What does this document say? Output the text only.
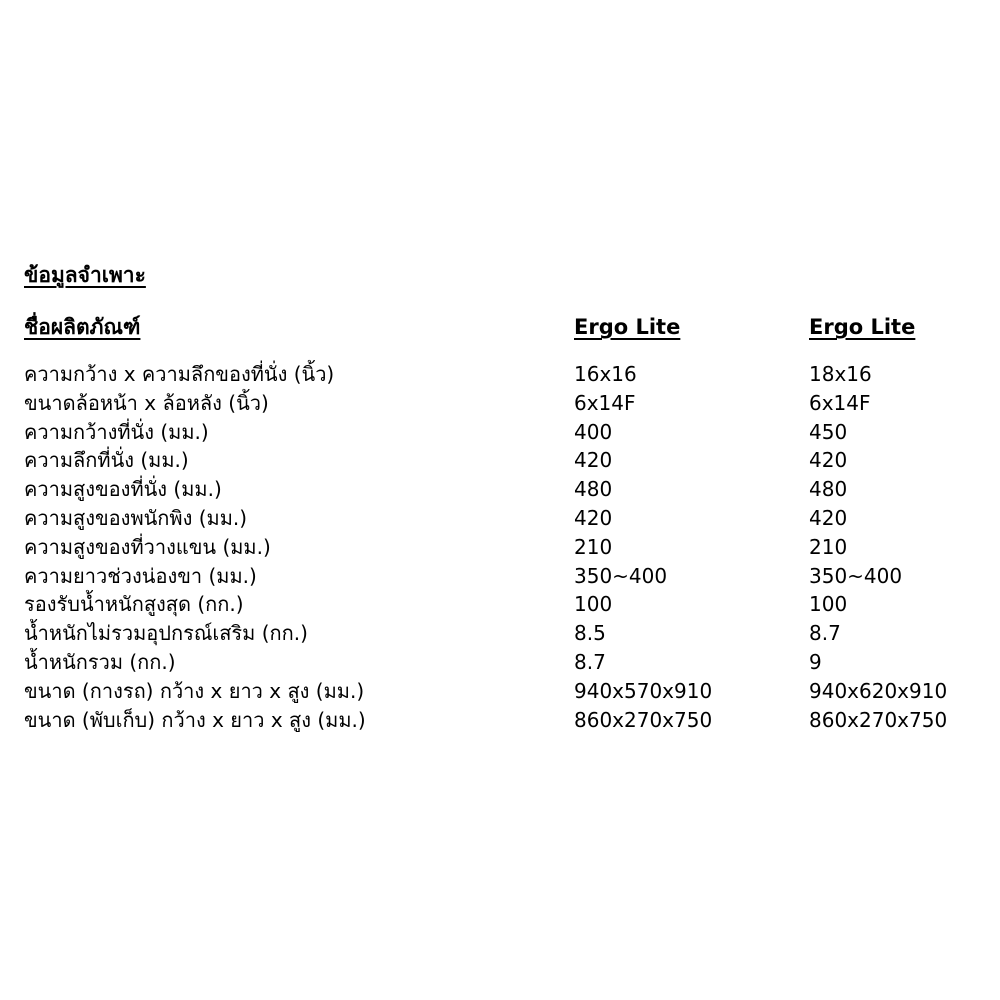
ข้อมูลจำเพาะ
ชื่อผลิตภัณฑ์	Ergo Lite	Ergo Lite
ความกว้าง x ความลึกของที่นั่ง (นิ้ว)	16x16	18x16
ขนาดล้อหน้า x ล้อหลัง (นิ้ว)	6x14F	6x14F
ความกว้างที่นั่ง (มม.)	400	450
ความลึกที่นั่ง (มม.)	420	420
ความสูงของที่นั่ง (มม.)	480	480
ความสูงของพนักพิง (มม.)	420	420
ความสูงของที่วางแขน (มม.)	210	210
ความยาวช่วงน่องขา (มม.)	350~400	350~400
รองรับน้ำหนักสูงสุด (กก.)	100	100
น้ำหนักไม่รวมอุปกรณ์เสริม (กก.)	8.5	8.7
น้ำหนักรวม (กก.)	8.7	9
ขนาด (กางรถ) กว้าง x ยาว x สูง (มม.)	940x570x910	940x620x910
ขนาด (พับเก็บ) กว้าง x ยาว x สูง (มม.)	860x270x750	860x270x750
